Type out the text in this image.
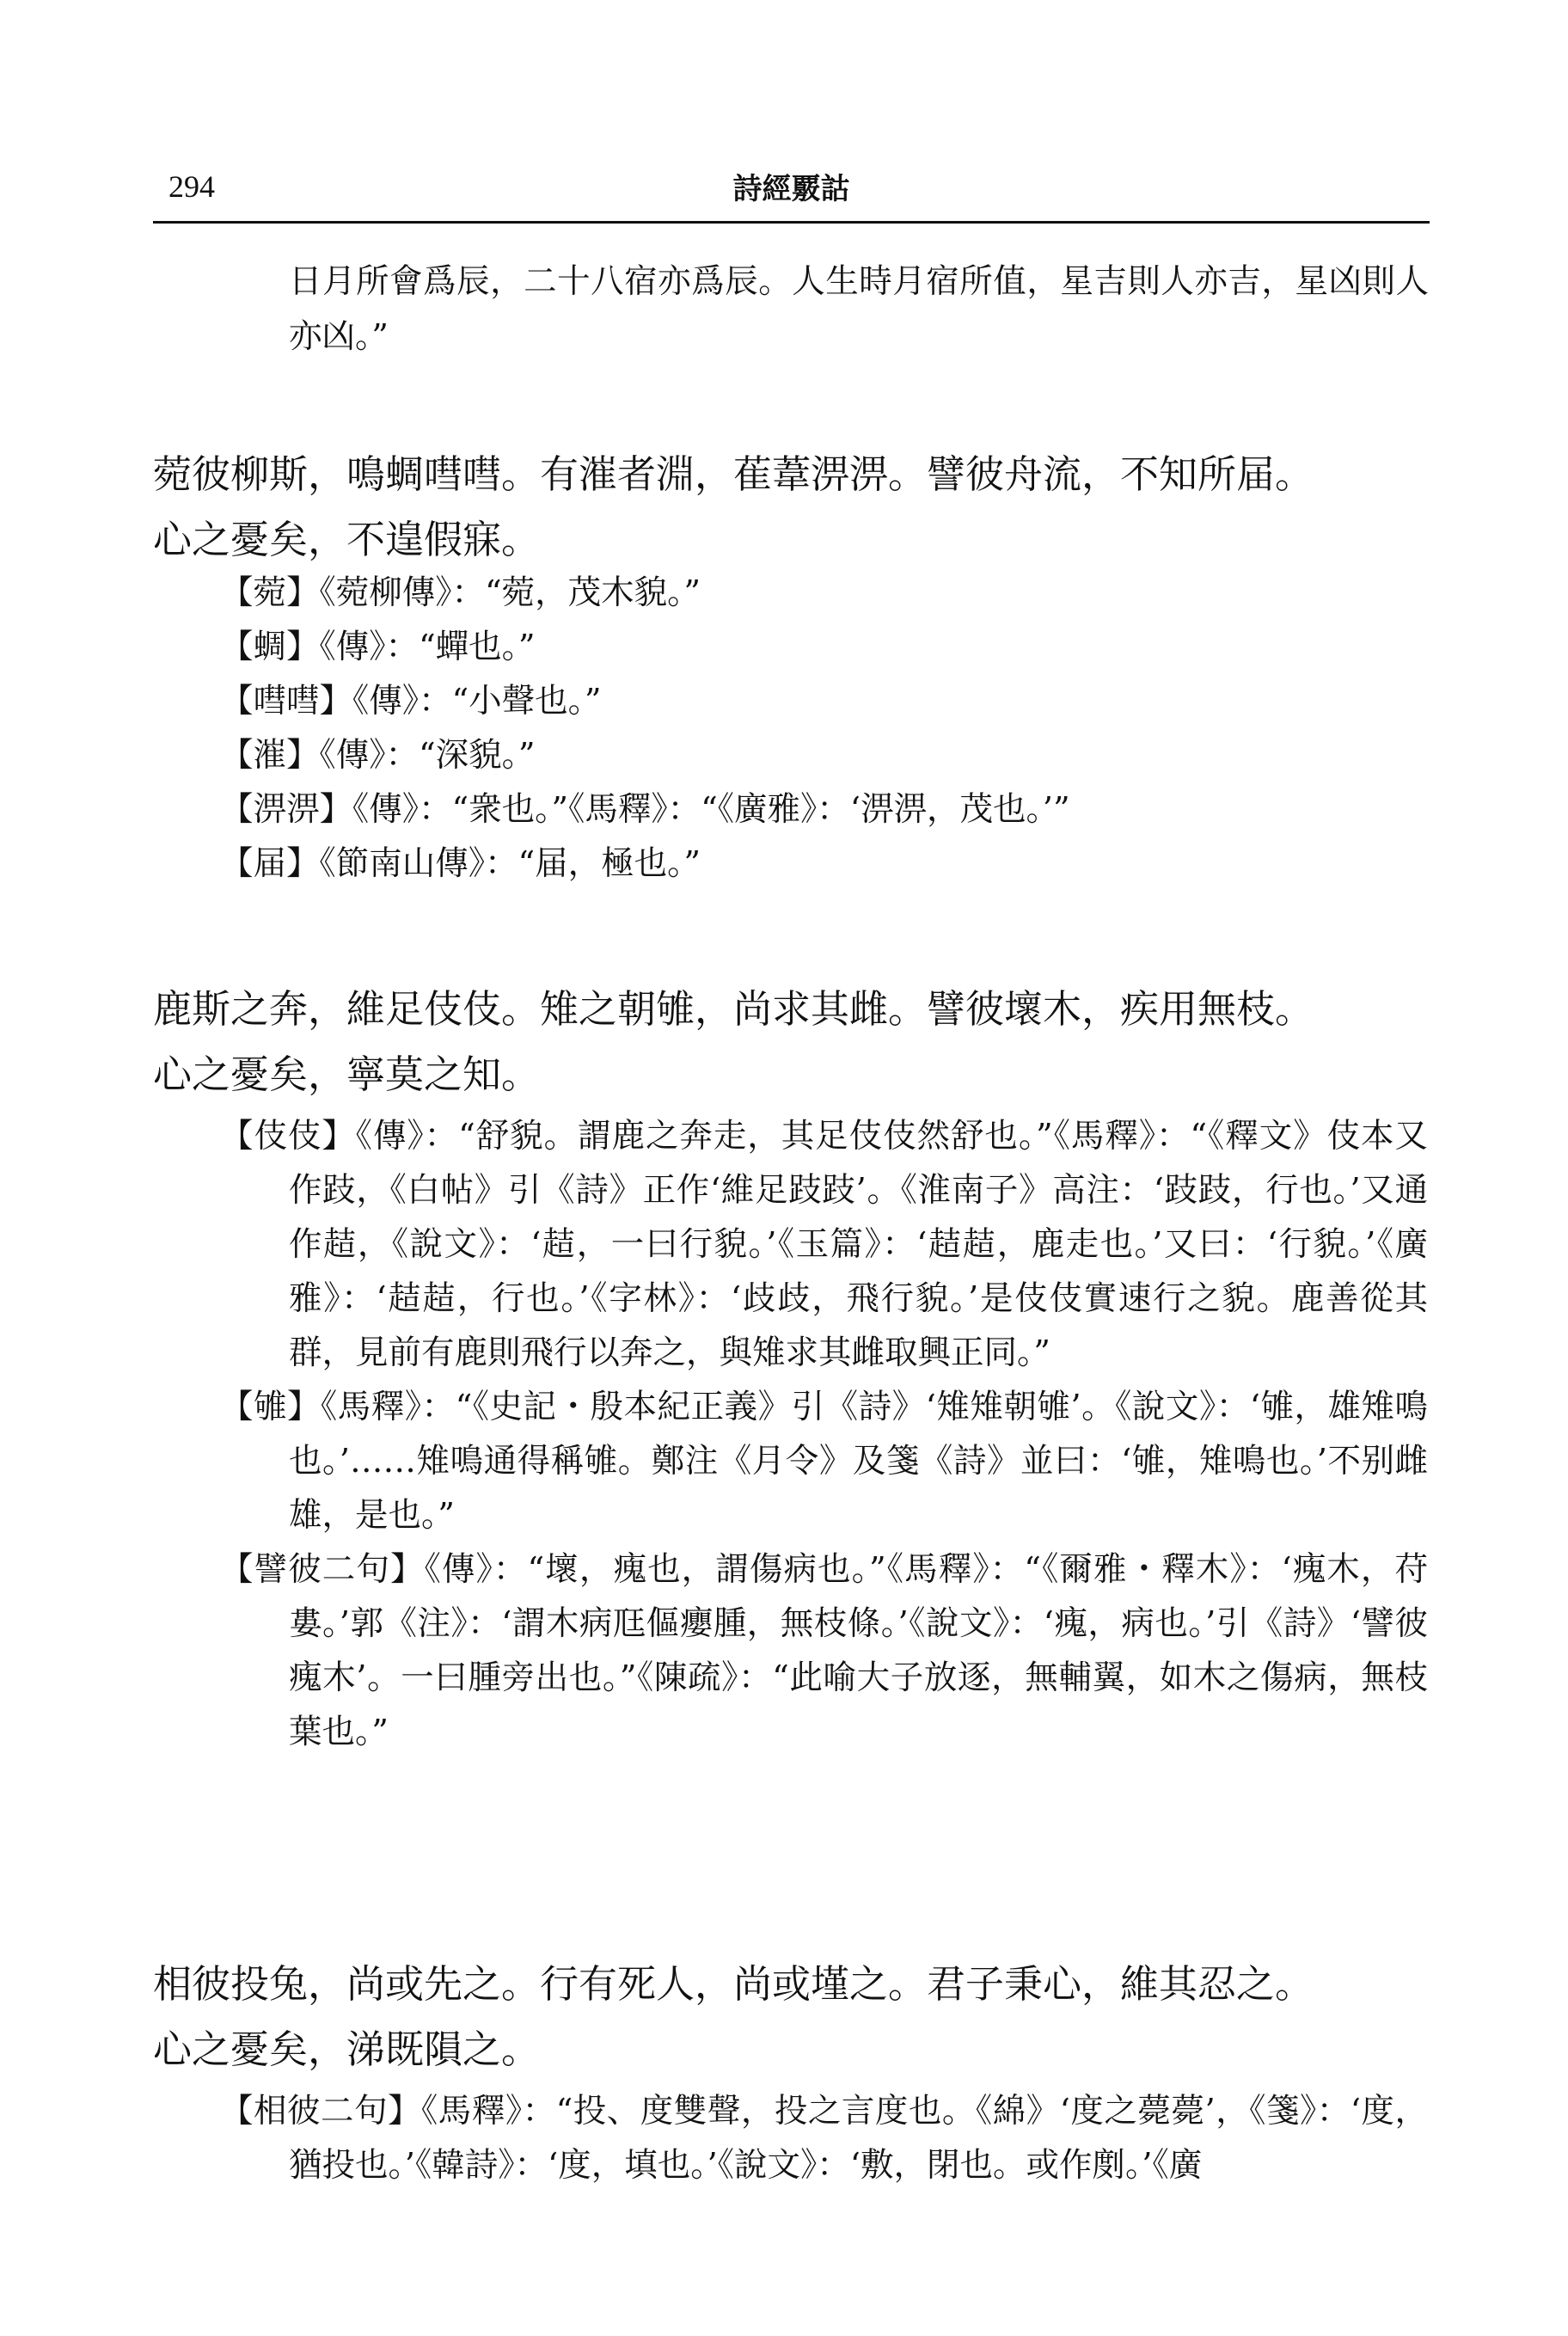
294	詩經覈詁

日月所會爲辰，二十八宿亦爲辰。人生時月宿所值，星吉則人亦吉，星凶則人亦凶。”

菀彼柳斯，鳴蜩嘒嘒。有漼者淵，萑葦淠淠。譬彼舟流，不知所届。
心之憂矣，不遑假寐。

【菀】《菀柳傳》：“菀，茂木貌。”

【蜩】《傳》：“蟬也。”

【嘒嘒】《傳》：“小聲也。”

【漼】《傳》：“深貌。”

【淠淠】《傳》：“衆也。”《馬釋》：“《廣雅》：‘淠淠，茂也。’”

【届】《節南山傳》：“届，極也。”

鹿斯之奔，維足伎伎。雉之朝雊，尚求其雌。譬彼壞木，疾用無枝。
心之憂矣，寧莫之知。

【伎伎】《傳》：“舒貌。謂鹿之奔走，其足伎伎然舒也。”《馬釋》：“《釋文》伎本又作跂，《白帖》引《詩》正作‘維足跂跂’。《淮南子》高注：‘跂跂，行也。’又通作趌，《說文》：‘趌，一曰行貌。’《玉篇》：‘趌趌，鹿走也。’又曰：‘行貌。’《廣雅》：‘趌趌，行也。’《字林》：‘歧歧，飛行貌。’是伎伎實速行之貌。鹿善從其群，見前有鹿則飛行以奔之，與雉求其雌取興正同。”

【雊】《馬釋》：“《史記・殷本紀正義》引《詩》‘雉雉朝雊’。《說文》：‘雊，雄雉鳴也。’……雉鳴通得稱雊。鄭注《月令》及箋《詩》並曰：‘雊，雉鳴也。’不别雌雄，是也。”

【譬彼二句】《傳》：“壞，瘣也，謂傷病也。”《馬釋》：“《爾雅・釋木》：‘瘣木，苻婁。’郭《注》：‘謂木病尫傴癭腫，無枝條。’《說文》：‘瘣，病也。’引《詩》‘譬彼瘣木’。一曰腫旁出也。”《陳疏》：“此喻大子放逐，無輔翼，如木之傷病，無枝葉也。”

相彼投兔，尚或先之。行有死人，尚或墐之。君子秉心，維其忍之。
心之憂矣，涕既隕之。

【相彼二句】《馬釋》：“投、度雙聲，投之言度也。《綿》‘度之薨薨’，《箋》：‘度，猶投也。’《韓詩》：‘度，填也。’《說文》：‘敷，閉也。或作剫。’《廣
